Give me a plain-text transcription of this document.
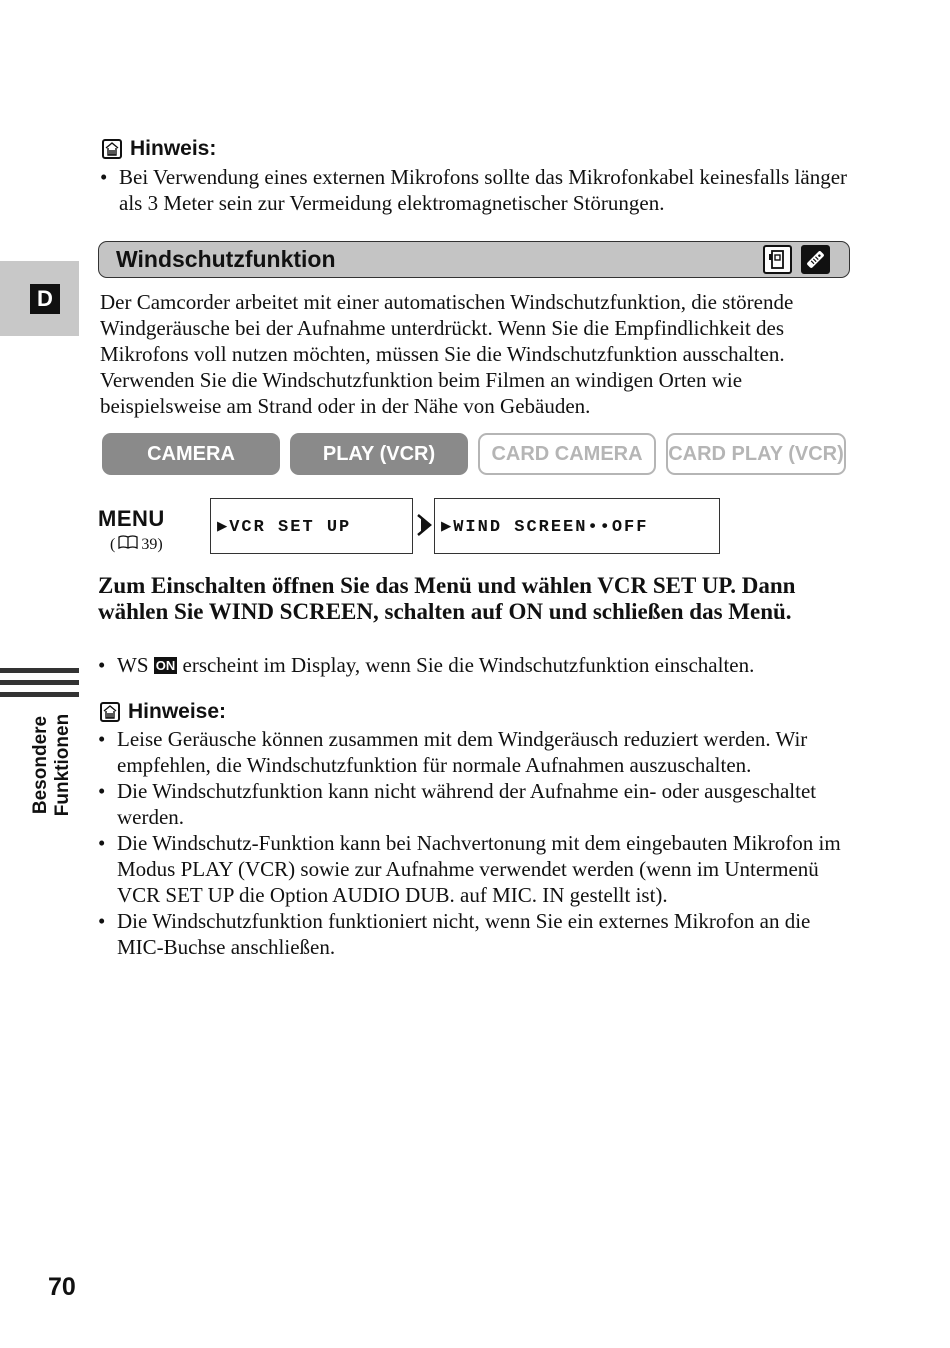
D
Besondere Funktionen
Hinweis:
• Bei Verwendung eines externen Mikrofons sollte das Mikrofonkabel keinesfalls länger als 3 Meter sein zur Vermeidung elektromagnetischer Störungen.
Windschutzfunktion
Der Camcorder arbeitet mit einer automatischen Windschutzfunktion, die störende Windgeräusche bei der Aufnahme unterdrückt. Wenn Sie die Empfindlichkeit des Mikrofons voll nutzen möchten, müssen Sie die Windschutzfunktion ausschalten. Verwenden Sie die Windschutzfunktion beim Filmen an windigen Orten wie beispielsweise am Strand oder in der Nähe von Gebäuden.
CAMERA	PLAY (VCR)	CARD CAMERA	CARD PLAY (VCR)
MENU
( 39)
▶VCR SET UP	▶WIND SCREEN••OFF
Zum Einschalten öffnen Sie das Menü und wählen VCR SET UP. Dann wählen Sie WIND SCREEN, schalten auf ON und schließen das Menü.
• WS ON erscheint im Display, wenn Sie die Windschutzfunktion einschalten.
Hinweise:
• Leise Geräusche können zusammen mit dem Windgeräusch reduziert werden. Wir empfehlen, die Windschutzfunktion für normale Aufnahmen auszuschalten.
• Die Windschutzfunktion kann nicht während der Aufnahme ein- oder ausgeschaltet werden.
• Die Windschutz-Funktion kann bei Nachvertonung mit dem eingebauten Mikrofon im Modus PLAY (VCR) sowie zur Aufnahme verwendet werden (wenn im Untermenü VCR SET UP die Option AUDIO DUB. auf MIC. IN gestellt ist).
• Die Windschutzfunktion funktioniert nicht, wenn Sie ein externes Mikrofon an die MIC-Buchse anschließen.
70
